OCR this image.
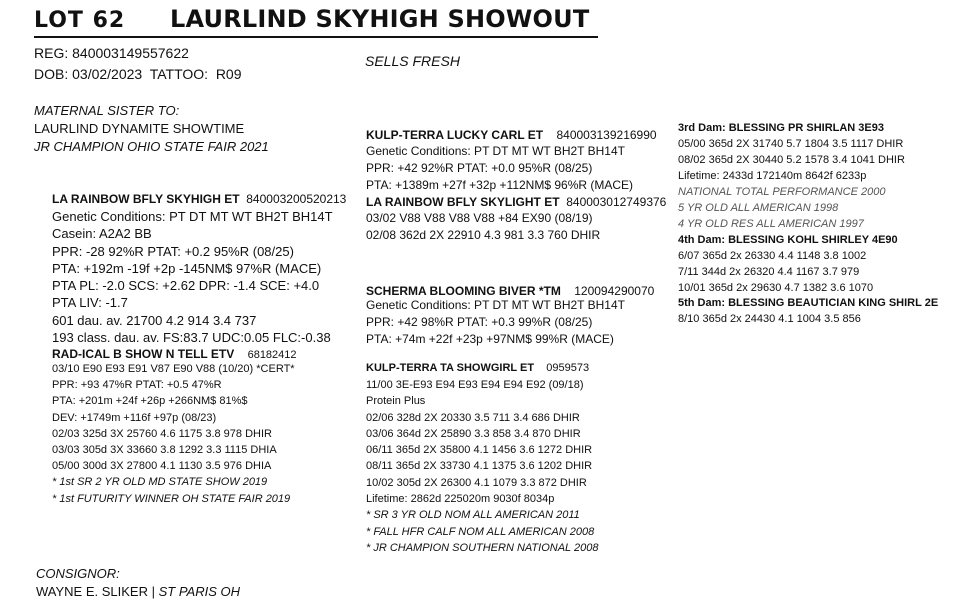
LOT 62 LAURLIND SKYHIGH SHOWOUT
REG: 840003149557622
DOB: 03/02/2023  TATTOO:  R09
SELLS FRESH
MATERNAL SISTER TO:
LAURLIND DYNAMITE SHOWTIME
JR CHAMPION OHIO STATE FAIR 2021
LA RAINBOW BFLY SKYHIGH ET 840003200520213
Genetic Conditions: PT DT MT WT BH2T BH14T
Casein: A2A2 BB
PPR: -28 92%R PTAT: +0.2 95%R (08/25)
PTA: +192m -19f +2p -145NM$ 97%R (MACE)
PTA PL: -2.0 SCS: +2.62 DPR: -1.4 SCE: +4.0
PTA LIV: -1.7
601 dau. av. 21700 4.2 914 3.4 737
193 class. dau. av. FS:83.7 UDC:0.05 FLC:-0.38
RAD-ICAL B SHOW N TELL ETV 68182412
03/10 E90 E93 E91 V87 E90 V88 (10/20) *CERT*
PPR: +93 47%R PTAT: +0.5 47%R
PTA: +201m +24f +26p +266NM$ 81%$
DEV: +1749m +116f +97p (08/23)
02/03 325d 3X 25760 4.6 1175 3.8 978 DHIR
03/03 305d 3X 33660 3.8 1292 3.3 1115 DHIA
05/00 300d 3X 27800 4.1 1130 3.5 976 DHIA
* 1st SR 2 YR OLD MD STATE SHOW 2019
* 1st FUTURITY WINNER OH STATE FAIR 2019
CONSIGNOR:
WAYNE E. SLIKER | ST PARIS OH
KULP-TERRA LUCKY CARL ET 840003139216990
Genetic Conditions: PT DT MT WT BH2T BH14T
PPR: +42 92%R PTAT: +0.0 95%R (08/25)
PTA: +1389m +27f +32p +112NM$ 96%R (MACE)
LA RAINBOW BFLY SKYLIGHT ET 840003012749376
03/02 V88 V88 V88 V88 +84 EX90 (08/19)
02/08 362d 2X 22910 4.3 981 3.3 760 DHIR
SCHERMA BLOOMING BIVER *TM 120094290070
Genetic Conditions: PT DT MT WT BH2T BH14T
PPR: +42 98%R PTAT: +0.3 99%R (08/25)
PTA: +74m +22f +23p +97NM$ 99%R (MACE)
KULP-TERRA TA SHOWGIRL ET 0959573
11/00 3E-E93 E94 E93 E94 E94 E92 (09/18)
Protein Plus
02/06 328d 2X 20330 3.5 711 3.4 686 DHIR
03/06 364d 2X 25890 3.3 858 3.4 870 DHIR
06/11 365d 2X 35800 4.1 1456 3.6 1272 DHIR
08/11 365d 2X 33730 4.1 1375 3.6 1202 DHIR
10/02 305d 2X 26300 4.1 1079 3.3 872 DHIR
Lifetime: 2862d 225020m 9030f 8034p
* SR 3 YR OLD NOM ALL AMERICAN 2011
* FALL HFR CALF NOM ALL AMERICAN 2008
* JR CHAMPION SOUTHERN NATIONAL 2008
3rd Dam: BLESSING PR SHIRLAN 3E93
05/00 365d 2X 31740 5.7 1804 3.5 1117 DHIR
08/02 365d 2X 30440 5.2 1578 3.4 1041 DHIR
Lifetime: 2433d 172140m 8642f 6233p
NATIONAL TOTAL PERFORMANCE 2000
5 YR OLD ALL AMERICAN 1998
4 YR OLD RES ALL AMERICAN 1997
4th Dam: BLESSING KOHL SHIRLEY 4E90
6/07 365d 2x 26330 4.4 1148 3.8 1002
7/11 344d 2x 26320 4.4 1167 3.7 979
10/01 365d 2x 29630 4.7 1382 3.6 1070
5th Dam: BLESSING BEAUTICIAN KING SHIRL 2E
8/10 365d 2x 24430 4.1 1004 3.5 856
